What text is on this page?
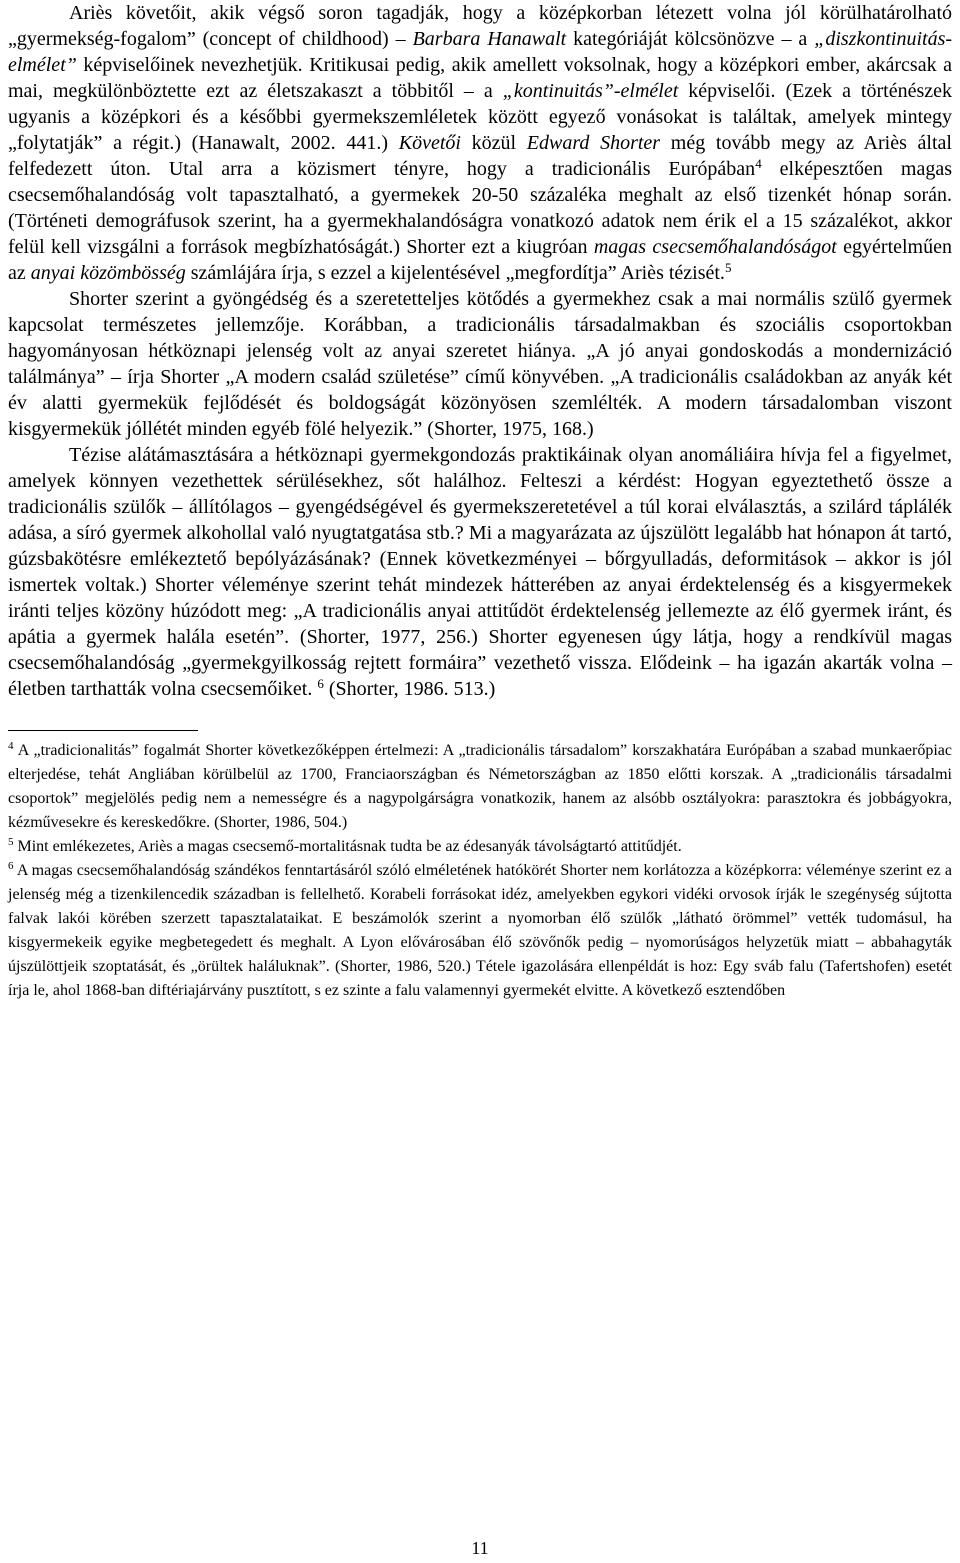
Ariès követőit, akik végső soron tagadják, hogy a középkorban létezett volna jól körülhatárolható „gyermekség-fogalom” (concept of childhood) – Barbara Hanawalt kategóriáját kölcsönözve – a „diszkontinuitás-elmélet” képviselőinek nevezhetjük. Kritikusai pedig, akik amellett voksolnak, hogy a középkori ember, akárcsak a mai, megkülönböztette ezt az életszakaszt a többitől – a „kontinuitás”-elmélet képviselői. (Ezek a történészek ugyanis a középkori és a későbbi gyermekszemléletek között egyező vonásokat is találtak, amelyek mintegy „folytatják” a régit.) (Hanawalt, 2002. 441.) Követői közül Edward Shorter még tovább megy az Ariès által felfedezett úton. Utal arra a közismert tényre, hogy a tradicionális Európában$^4$ elképesztően magas csecsemőhalandóság volt tapasztalható, a gyermekek 20-50 százaléka meghalt az első tizenkét hónap során. (Történeti demográfusok szerint, ha a gyermekhalandóságra vonatkozó adatok nem érik el a 15 százalékot, akkor felül kell vizsgálni a források megbízhatóságát.) Shorter ezt a kiugróan magas csecsemőhalandóságot egyértelműen az anyai közömbösség számlájára írja, s ezzel a kijelentésével „megfordítja” Ariès tézisét.$^5$

Shorter szerint a gyöngédség és a szeretetteljes kötődés a gyermekhez csak a mai normális szülő gyermek kapcsolat természetes jellemzője. Korábban, a tradicionális társadalmakban és szociális csoportokban hagyományosan hétköznapi jelenség volt az anyai szeretet hiánya. „A jó anyai gondoskodás a mondernizáció találmánya” – írja Shorter „A modern család születése” című könyvében. „A tradicionális családokban az anyák két év alatti gyermekük fejlődését és boldogságát közönyösen szemlélték. A modern társadalomban viszont kisgyermekük jóllétét minden egyéb fölé helyezik.” (Shorter, 1975, 168.)

Tézise alátámasztására a hétköznapi gyermekgondozás praktikáinak olyan anomáliáira hívja fel a figyelmet, amelyek könnyen vezethettek sérülésekhez, sőt halálhoz. Felteszi a kérdést: Hogyan egyeztethető össze a tradicionális szülők – állítólagos – gyengédségével és gyermekszeretetével a túl korai elválasztás, a szilárd táplálék adása, a síró gyermek alkohollal való nyugtatgatása stb.? Mi a magyarázata az újszülött legalább hat hónapon át tartó, gúzsbakötésre emlékeztető bepólyázásának? (Ennek következményei – bőrgyulladás, deformitások – akkor is jól ismertek voltak.) Shorter véleménye szerint tehát mindezek hátterében az anyai érdektelenség és a kisgyermekek iránti teljes közöny húzódott meg: „A tradicionális anyai attitűdöt érdektelenség jellemezte az élő gyermek iránt, és apátia a gyermek halála esetén”. (Shorter, 1977, 256.) Shorter egyenesen úgy látja, hogy a rendkívül magas csecsemőhalandóság „gyermekgyilkosság rejtett formáira” vezethető vissza. Elődeink – ha igazán akarták volna – életben tarthatták volna csecsemőiket. $^6$ (Shorter, 1986. 513.)

$^4$ A „tradicionalitás” fogalmát Shorter következőképpen értelmezi: A „tradicionális társadalom” korszakhatára Európában a szabad munkaerőpiac elterjedése, tehát Angliában körülbelül az 1700, Franciaországban és Németországban az 1850 előtti korszak. A „tradicionális társadalmi csoportok” megjelölés pedig nem a nemességre és a nagypolgárságra vonatkozik, hanem az alsóbb osztályokra: parasztokra és jobbágyokra, kézművesekre és kereskedőkre. (Shorter, 1986, 504.)

$^5$ Mint emlékezetes, Ariès a magas csecsemő-mortalitásnak tudta be az édesanyák távolságtartó attitűdjét.

$^6$ A magas csecsemőhalandóság szándékos fenntartásáról szóló elméletének hatókörét Shorter nem korlátozza a középkorra: véleménye szerint ez a jelenség még a tizenkilencedik században is fellelhető. Korabeli forrásokat idéz, amelyekben egykori vidéki orvosok írják le szegénység sújtotta falvak lakói körében szerzett tapasztalataikat. E beszámolók szerint a nyomorban élő szülők „látható örömmel” vették tudomásul, ha kisgyermekeik egyike megbetegedett és meghalt. A Lyon elővárosában élő szövőnők pedig – nyomorúságos helyzetük miatt – abbahagyták újszülöttjeik szoptatását, és „örültek haláluknak”. (Shorter, 1986, 520.) Tétele igazolására ellenpéldát is hoz: Egy sváb falu (Tafertshofen) esetét írja le, ahol 1868-ban diftériajárvány pusztított, s ez szinte a falu valamennyi gyermekét elvitte. A következő esztendőben

11
